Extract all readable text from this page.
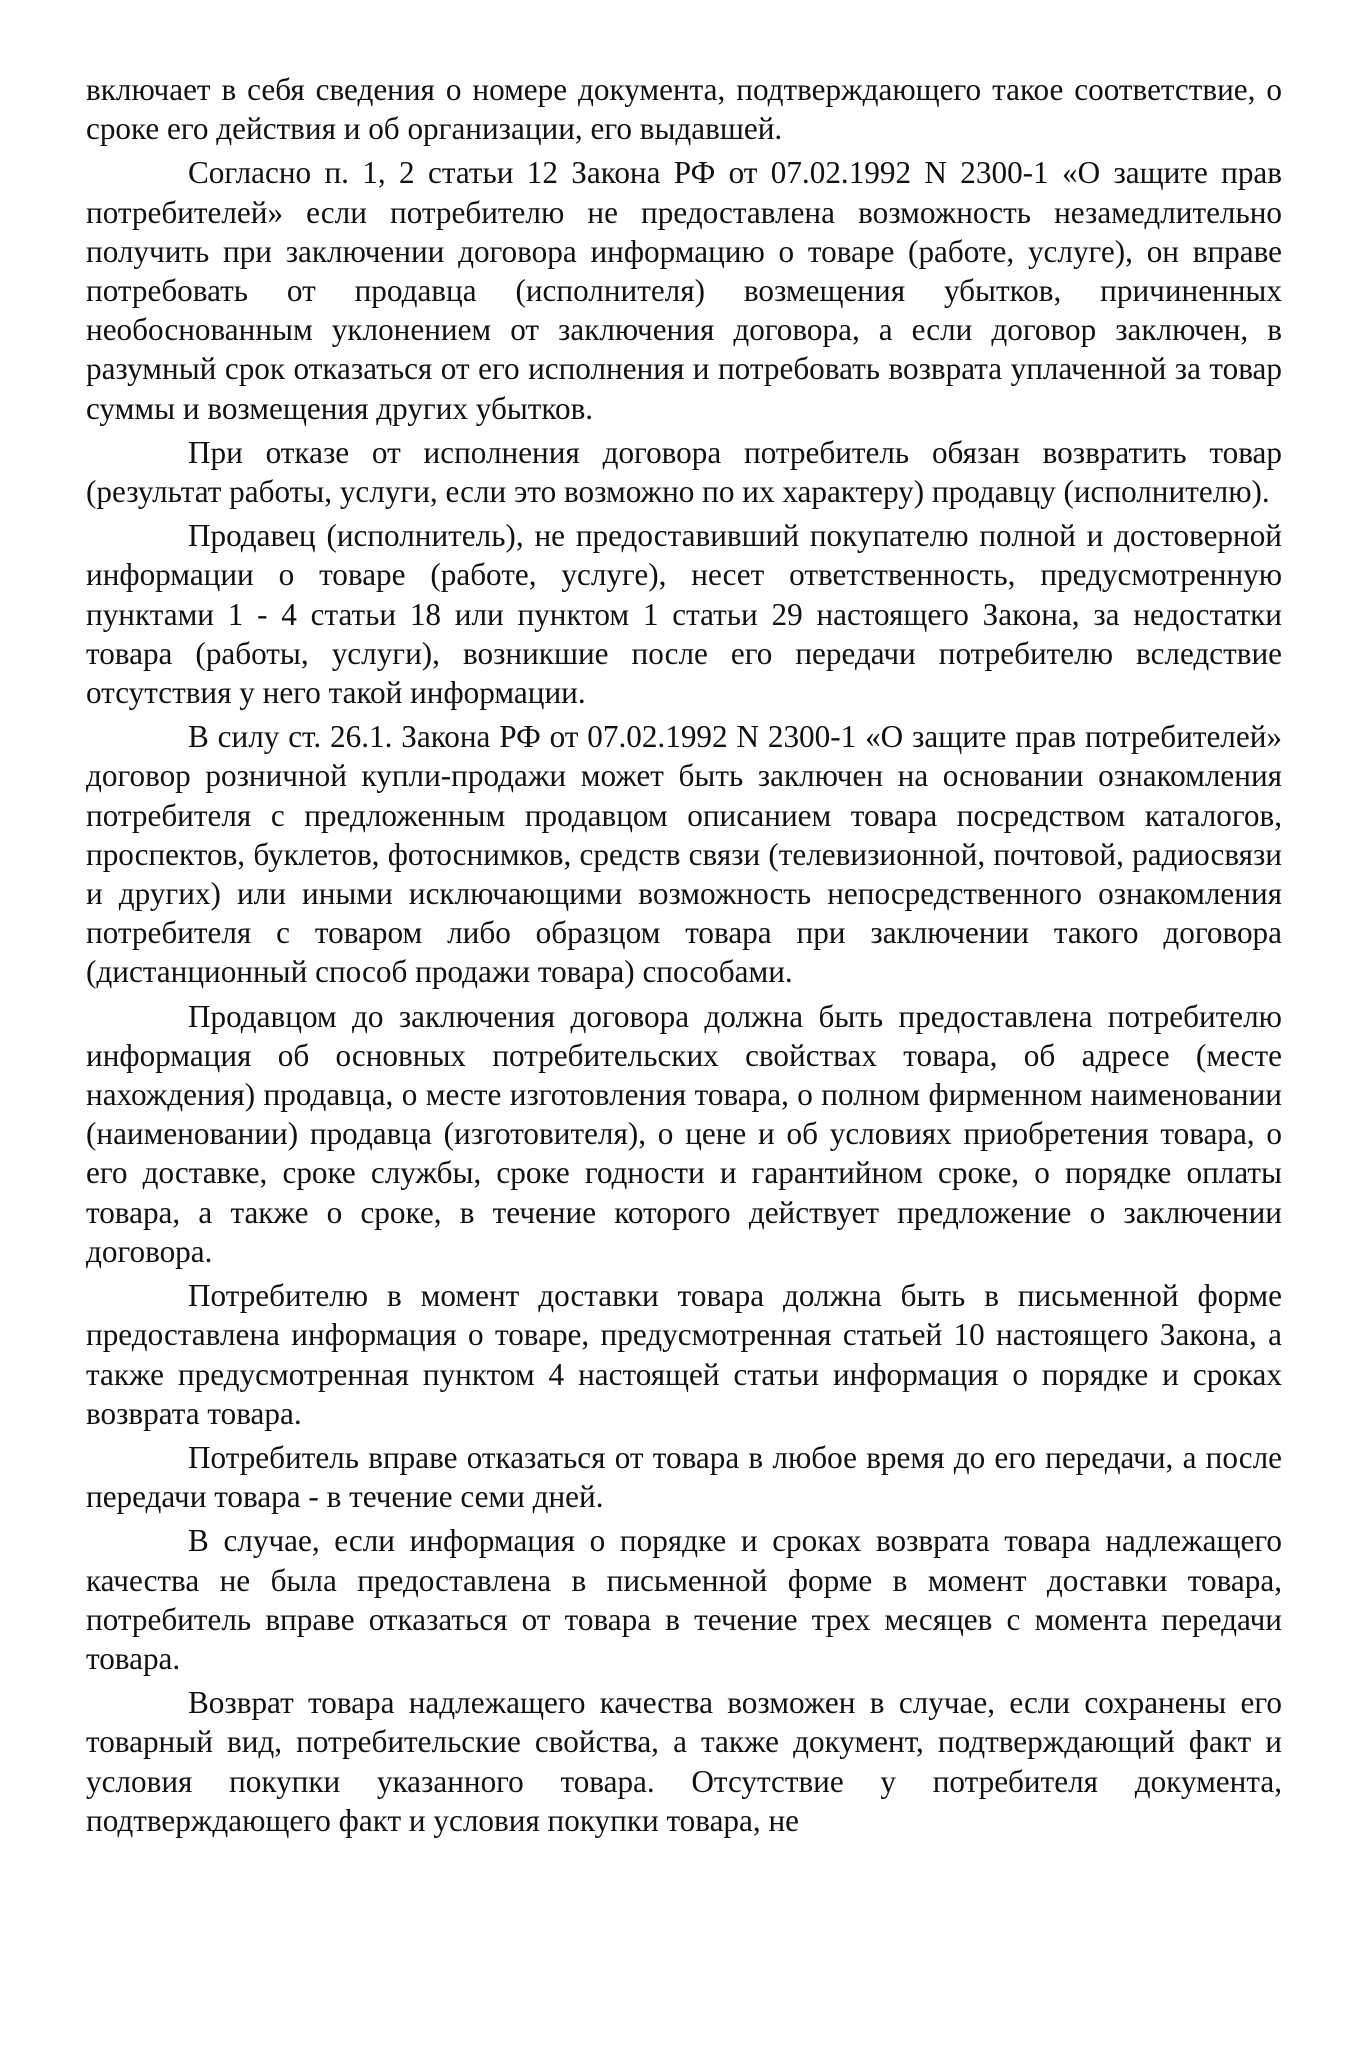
включает в себя сведения о номере документа, подтверждающего такое соответствие, о сроке его действия и об организации, его выдавшей.

Согласно п. 1, 2 статьи 12 Закона РФ от 07.02.1992 N 2300-1 «О защите прав потребителей» если потребителю не предоставлена возможность незамедлительно получить при заключении договора информацию о товаре (работе, услуге), он вправе потребовать от продавца (исполнителя) возмещения убытков, причиненных необоснованным уклонением от заключения договора, а если договор заключен, в разумный срок отказаться от его исполнения и потребовать возврата уплаченной за товар суммы и возмещения других убытков.

При отказе от исполнения договора потребитель обязан возвратить товар (результат работы, услуги, если это возможно по их характеру) продавцу (исполнителю).

Продавец (исполнитель), не предоставивший покупателю полной и достоверной информации о товаре (работе, услуге), несет ответственность, предусмотренную пунктами 1 - 4 статьи 18 или пунктом 1 статьи 29 настоящего Закона, за недостатки товара (работы, услуги), возникшие после его передачи потребителю вследствие отсутствия у него такой информации.

В силу ст. 26.1. Закона РФ от 07.02.1992 N 2300-1 «О защите прав потребителей» договор розничной купли-продажи может быть заключен на основании ознакомления потребителя с предложенным продавцом описанием товара посредством каталогов, проспектов, буклетов, фотоснимков, средств связи (телевизионной, почтовой, радиосвязи и других) или иными исключающими возможность непосредственного ознакомления потребителя с товаром либо образцом товара при заключении такого договора (дистанционный способ продажи товара) способами.

Продавцом до заключения договора должна быть предоставлена потребителю информация об основных потребительских свойствах товара, об адресе (месте нахождения) продавца, о месте изготовления товара, о полном фирменном наименовании (наименовании) продавца (изготовителя), о цене и об условиях приобретения товара, о его доставке, сроке службы, сроке годности и гарантийном сроке, о порядке оплаты товара, а также о сроке, в течение которого действует предложение о заключении договора.

Потребителю в момент доставки товара должна быть в письменной форме предоставлена информация о товаре, предусмотренная статьей 10 настоящего Закона, а также предусмотренная пунктом 4 настоящей статьи информация о порядке и сроках возврата товара.

Потребитель вправе отказаться от товара в любое время до его передачи, а после передачи товара - в течение семи дней.

В случае, если информация о порядке и сроках возврата товара надлежащего качества не была предоставлена в письменной форме в момент доставки товара, потребитель вправе отказаться от товара в течение трех месяцев с момента передачи товара.

Возврат товара надлежащего качества возможен в случае, если сохранены его товарный вид, потребительские свойства, а также документ, подтверждающий факт и условия покупки указанного товара. Отсутствие у потребителя документа, подтверждающего факт и условия покупки товара, не
